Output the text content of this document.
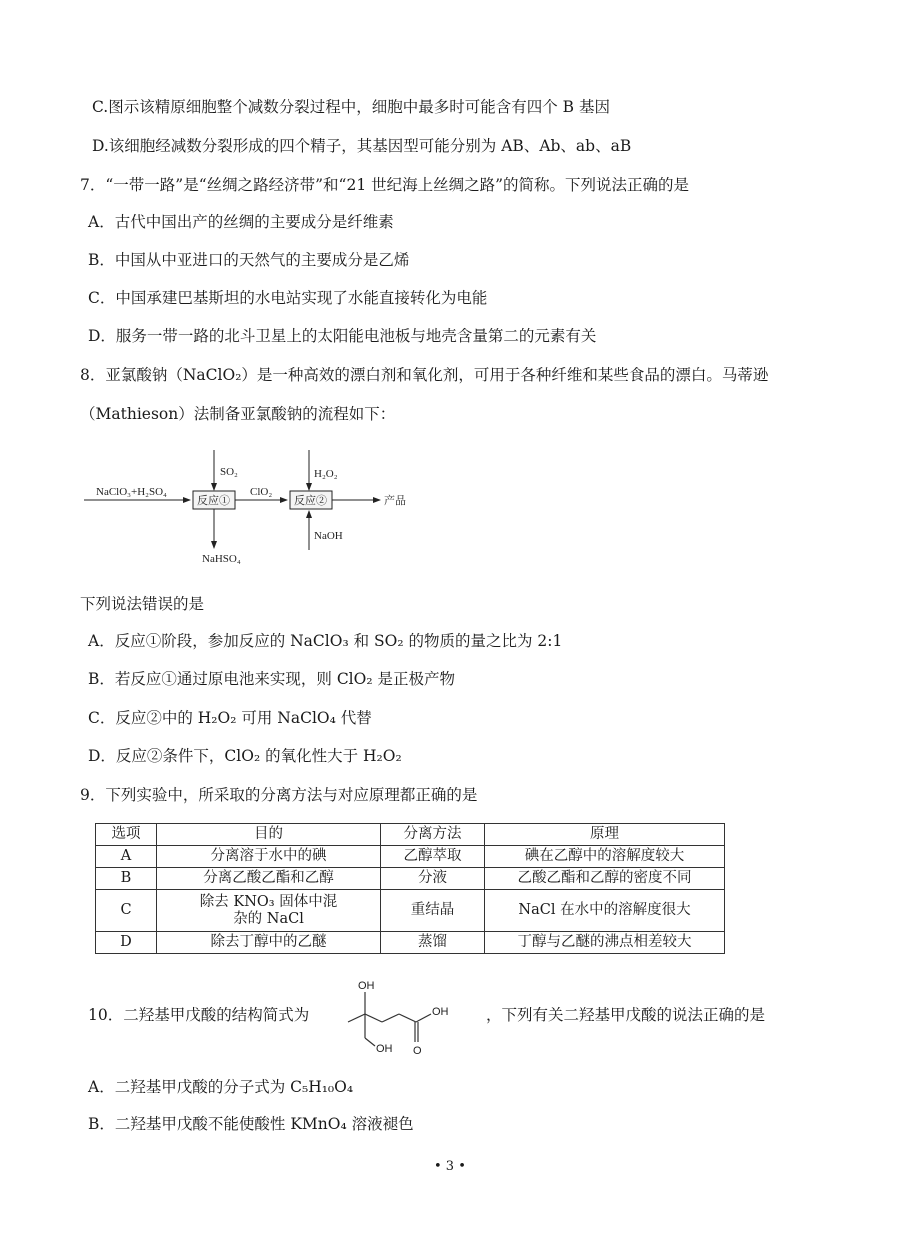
C.图示该精原细胞整个减数分裂过程中，细胞中最多时可能含有四个 B 基因
D.该细胞经减数分裂形成的四个精子，其基因型可能分别为 AB、Ab、ab、aB
7．“一带一路”是“丝绸之路经济带”和“21 世纪海上丝绸之路”的简称。下列说法正确的是
A．古代中国出产的丝绸的主要成分是纤维素
B．中国从中亚进口的天然气的主要成分是乙烯
C．中国承建巴基斯坦的水电站实现了水能直接转化为电能
D．服务一带一路的北斗卫星上的太阳能电池板与地壳含量第二的元素有关
8．亚氯酸钠（NaClO₂）是一种高效的漂白剂和氧化剂，可用于各种纤维和某些食品的漂白。马蒂逊
（Mathieson）法制备亚氯酸钠的流程如下：
NaClO₃+H₂SO₄
SO₂
反应①
NaHSO₄
ClO₂
H₂O₂
反应②
NaOH
产品
下列说法错误的是
A．反应①阶段，参加反应的 NaClO₃ 和 SO₂ 的物质的量之比为 2:1
B．若反应①通过原电池来实现，则 ClO₂ 是正极产物
C．反应②中的 H₂O₂ 可用 NaClO₄ 代替
D．反应②条件下，ClO₂ 的氧化性大于 H₂O₂
9．下列实验中，所采取的分离方法与对应原理都正确的是
选项	目的	分离方法	原理
A	分离溶于水中的碘	乙醇萃取	碘在乙醇中的溶解度较大
B	分离乙酸乙酯和乙醇	分液	乙酸乙酯和乙醇的密度不同
C	除去 KNO₃ 固体中混杂的 NaCl	重结晶	NaCl 在水中的溶解度很大
D	除去丁醇中的乙醚	蒸馏	丁醇与乙醚的沸点相差较大
10．二羟基甲戊酸的结构简式为
OH
OH
OH O
，下列有关二羟基甲戊酸的说法正确的是
A．二羟基甲戊酸的分子式为 C₅H₁₀O₄
B．二羟基甲戊酸不能使酸性 KMnO₄ 溶液褪色
• 3 •
